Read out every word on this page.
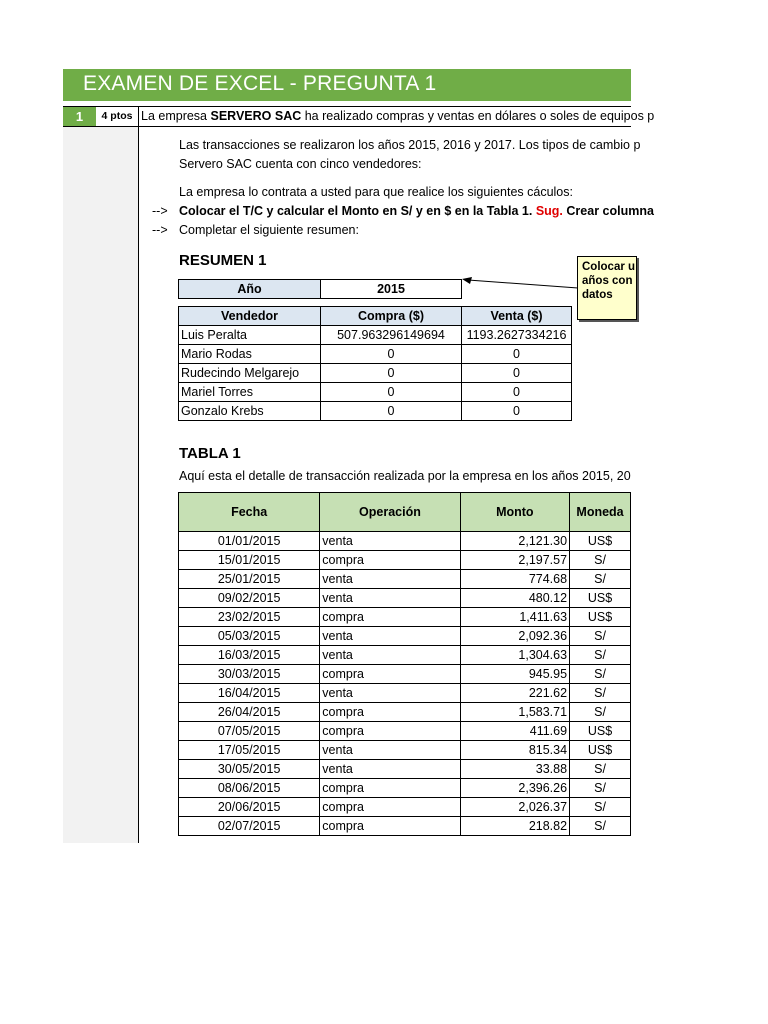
EXAMEN DE EXCEL - PREGUNTA 1
1	4 ptos La empresa SERVERO SAC ha realizado compras y ventas en dólares o soles de equipos p
Las transacciones se realizaron los años 2015, 2016 y 2017. Los tipos de cambio p
Servero SAC cuenta con cinco vendedores:
La empresa lo contrata a usted para que realice los siguientes cáculos:
--> Colocar el T/C y calcular el Monto en S/ y en $ en la Tabla 1. Sug. Crear columna
--> Completar el siguiente resumen:
RESUMEN 1
Año	2015
Vendedor	Compra ($)	Venta ($)
Luis Peralta	507.963296149694	1193.2627334216
Mario Rodas	0	0
Rudecindo Melgarejo	0	0
Mariel Torres	0	0
Gonzalo Krebs	0	0
Colocar u
años con
datos
TABLA 1
Aquí esta el detalle de transacción realizada por la empresa en los años 2015, 20
Fecha	Operación	Monto	Moneda
01/01/2015	venta	2,121.30	US$
15/01/2015	compra	2,197.57	S/
25/01/2015	venta	774.68	S/
09/02/2015	venta	480.12	US$
23/02/2015	compra	1,411.63	US$
05/03/2015	venta	2,092.36	S/
16/03/2015	venta	1,304.63	S/
30/03/2015	compra	945.95	S/
16/04/2015	venta	221.62	S/
26/04/2015	compra	1,583.71	S/
07/05/2015	compra	411.69	US$
17/05/2015	venta	815.34	US$
30/05/2015	venta	33.88	S/
08/06/2015	compra	2,396.26	S/
20/06/2015	compra	2,026.37	S/
02/07/2015	compra	218.82	S/
